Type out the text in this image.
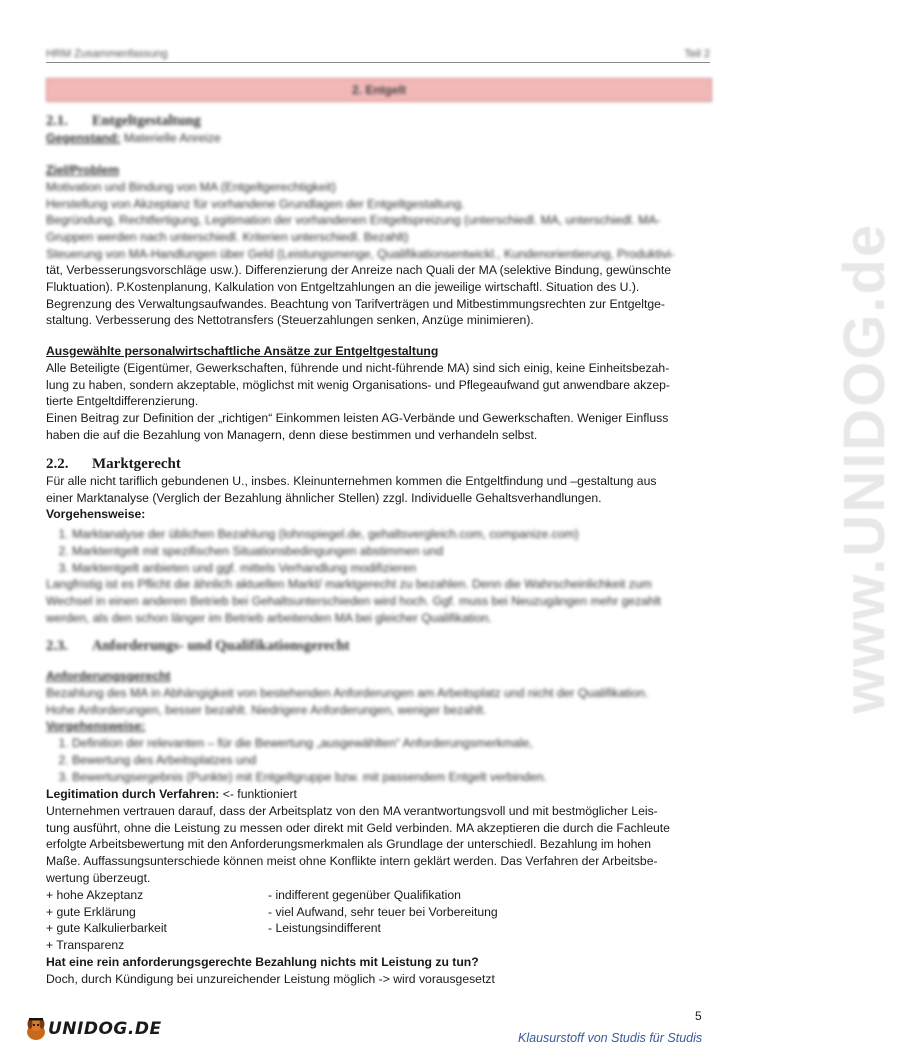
www.UNIDOG.de
HRM Zusammenfassung	Teil 2
2. Entgelt
2.1. Entgeltgestaltung
Gegenstand: Materielle Anreize
Ziel/Problem

Motivation und Bindung von MA (Entgeltgerechtigkeit)

Herstellung von Akzeptanz für vorhandene Grundlagen der Entgeltgestaltung.

Begründung, Rechtfertigung, Legitimation der vorhandenen Entgeltspreizung (unterschiedl. MA, unterschiedl. MA-

Gruppen werden nach unterschiedl. Kriterien unterschiedl. Bezahlt)

Steuerung von MA-Handlungen über Geld (Leistungsmenge, Qualifikationsentwickl., Kundenorientierung, Produktivi-

tät, Verbesserungsvorschläge usw.). Differenzierung der Anreize nach Quali der MA (selektive Bindung, gewünschte

Fluktuation). P.Kostenplanung, Kalkulation von Entgeltzahlungen an die jeweilige wirtschaftl. Situation des U.).

Begrenzung des Verwaltungsaufwandes. Beachtung von Tarifverträgen und Mitbestimmungsrechten zur Entgeltge-

staltung. Verbesserung des Nettotransfers (Steuerzahlungen senken, Anzüge minimieren).

Ausgewählte personalwirtschaftliche Ansätze zur Entgeltgestaltung

Alle Beteiligte (Eigentümer, Gewerkschaften, führende und nicht-führende MA) sind sich einig, keine Einheitsbezah-

lung zu haben, sondern akzeptable, möglichst mit wenig Organisations- und Pflegeaufwand gut anwendbare akzep-

tierte Entgeltdifferenzierung.

Einen Beitrag zur Definition der „richtigen“ Einkommen leisten AG-Verbände und Gewerkschaften. Weniger Einfluss

haben die auf die Bezahlung von Managern, denn diese bestimmen und verhandeln selbst.

2.2. Marktgerecht

Für alle nicht tariflich gebundenen U., insbes. Kleinunternehmen kommen die Entgeltfindung und –gestaltung aus

einer Marktanalyse (Verglich der Bezahlung ähnlicher Stellen) zzgl. Individuelle Gehaltsverhandlungen.

Vorgehensweise:
1. Marktanalyse der üblichen Bezahlung (lohnspiegel.de, gehaltsvergleich.com, companize.com)
2. Marktentgelt mit spezifischen Situationsbedingungen abstimmen und
3. Marktentgelt anbieten und ggf. mittels Verhandlung modifizieren

Langfristig ist es Pflicht die ähnlich aktuellen Markt/ marktgerecht zu bezahlen. Denn die Wahrscheinlichkeit zum

Wechsel in einen anderen Betrieb bei Gehaltsunterschieden wird hoch. Ggf. muss bei Neuzugängen mehr gezahlt

werden, als den schon länger im Betrieb arbeitenden MA bei gleicher Qualifikation.

2.3. Anforderungs- und Qualifikationsgerecht
Anforderungsgerecht

Bezahlung des MA in Abhängigkeit von bestehenden Anforderungen am Arbeitsplatz und nicht der Qualifikation.

Hohe Anforderungen, besser bezahlt. Niedrigere Anforderungen, weniger bezahlt.

Vorgehensweise:
1. Definition der relevanten – für die Bewertung „ausgewählten“ Anforderungsmerkmale,
2. Bewertung des Arbeitsplatzes und
3. Bewertungsergebnis (Punkte) mit Entgeltgruppe bzw. mit passendem Entgelt verbinden.
Legitimation durch Verfahren: <- funktioniert

Unternehmen vertrauen darauf, dass der Arbeitsplatz von den MA verantwortungsvoll und mit bestmöglicher Leis-

tung ausführt, ohne die Leistung zu messen oder direkt mit Geld verbinden. MA akzeptieren die durch die Fachleute

erfolgte Arbeitsbewertung mit den Anforderungsmerkmalen als Grundlage der unterschiedl. Bezahlung im hohen

Maße. Auffassungsunterschiede können meist ohne Konflikte intern geklärt werden. Das Verfahren der Arbeitsbe-

wertung überzeugt.

+ hohe Akzeptanz	- indifferent gegenüber Qualifikation
+ gute Erklärung	- viel Aufwand, sehr teuer bei Vorbereitung
+ gute Kalkulierbarkeit	- Leistungsindifferent
+ Transparenz
Hat eine rein anforderungsgerechte Bezahlung nichts mit Leistung zu tun?

Doch, durch Kündigung bei unzureichender Leistung möglich -> wird vorausgesetzt

5
UNIDOG.DE	Klausurstoff von Studis für Studis
